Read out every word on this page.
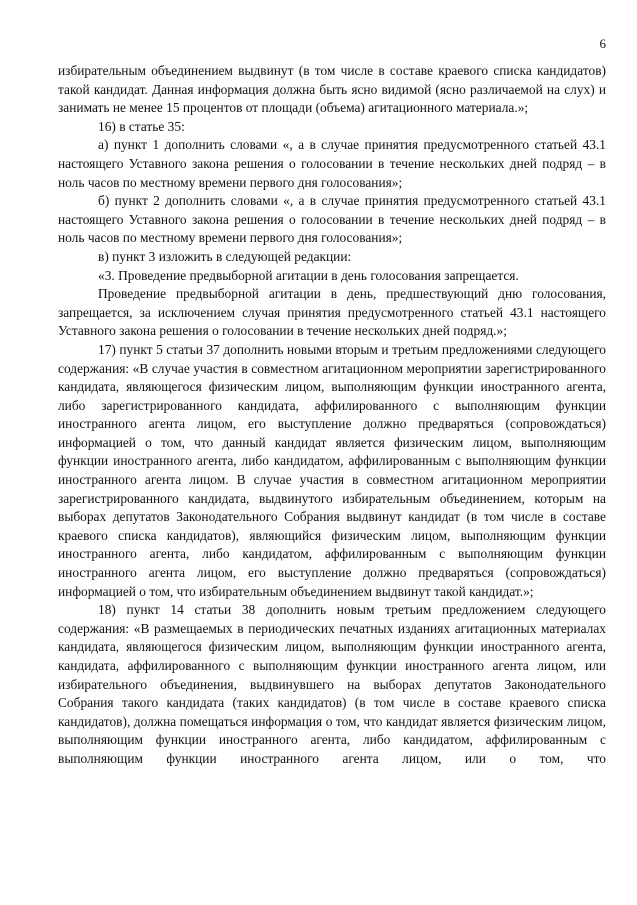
6

избирательным объединением выдвинут (в том числе в составе краевого списка кандидатов) такой кандидат. Данная информация должна быть ясно видимой (ясно различаемой на слух) и занимать не менее 15 процентов от площади (объема) агитационного материала.»;

16) в статье 35:

а) пункт 1 дополнить словами «, а в случае принятия предусмотренного статьей 43.1 настоящего Уставного закона решения о голосовании в течение нескольких дней подряд – в ноль часов по местному времени первого дня голосования»;

б) пункт 2 дополнить словами «, а в случае принятия предусмотренного статьей 43.1 настоящего Уставного закона решения о голосовании в течение нескольких дней подряд – в ноль часов по местному времени первого дня голосования»;

в) пункт 3 изложить в следующей редакции:

«3. Проведение предвыборной агитации в день голосования запрещается.

Проведение предвыборной агитации в день, предшествующий дню голосования, запрещается, за исключением случая принятия предусмотренного статьей 43.1 настоящего Уставного закона решения о голосовании в течение нескольких дней подряд.»;

17) пункт 5 статьи 37 дополнить новыми вторым и третьим предложениями следующего содержания: «В случае участия в совместном агитационном мероприятии зарегистрированного кандидата, являющегося физическим лицом, выполняющим функции иностранного агента, либо зарегистрированного кандидата, аффилированного с выполняющим функции иностранного агента лицом, его выступление должно предваряться (сопровождаться) информацией о том, что данный кандидат является физическим лицом, выполняющим функции иностранного агента, либо кандидатом, аффилированным с выполняющим функции иностранного агента лицом. В случае участия в совместном агитационном мероприятии зарегистрированного кандидата, выдвинутого избирательным объединением, которым на выборах депутатов Законодательного Собрания выдвинут кандидат (в том числе в составе краевого списка кандидатов), являющийся физическим лицом, выполняющим функции иностранного агента, либо кандидатом, аффилированным с выполняющим функции иностранного агента лицом, его выступление должно предваряться (сопровождаться) информацией о том, что избирательным объединением выдвинут такой кандидат.»;

18) пункт 14 статьи 38 дополнить новым третьим предложением следующего содержания: «В размещаемых в периодических печатных изданиях агитационных материалах кандидата, являющегося физическим лицом, выполняющим функции иностранного агента, кандидата, аффилированного с выполняющим функции иностранного агента лицом, или избирательного объединения, выдвинувшего на выборах депутатов Законодательного Собрания такого кандидата (таких кандидатов) (в том числе в составе краевого списка кандидатов), должна помещаться информация о том, что кандидат является физическим лицом, выполняющим функции иностранного агента, либо кандидатом, аффилированным с выполняющим функции иностранного агента лицом, или о том, что
